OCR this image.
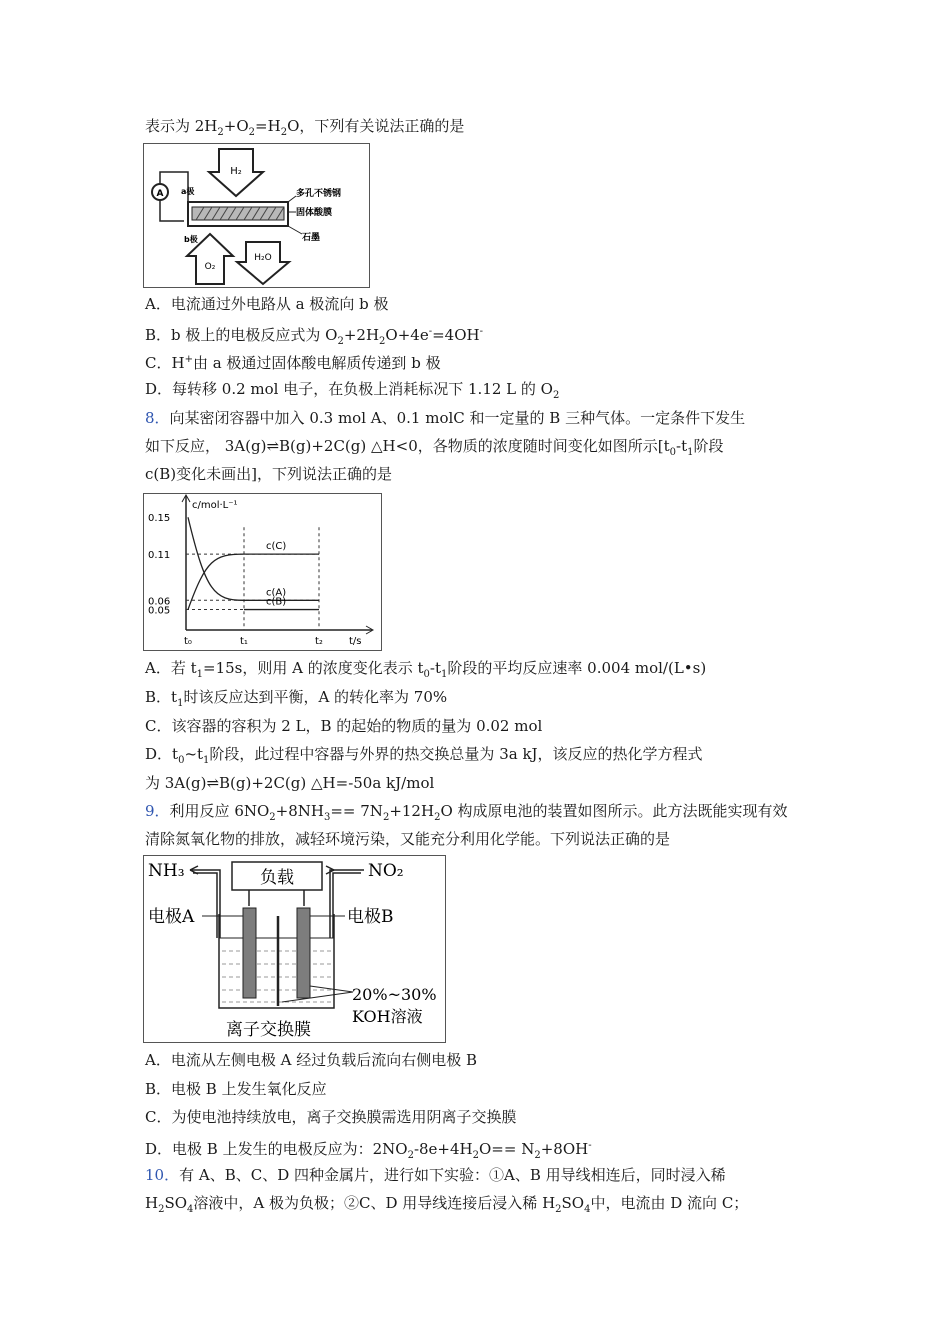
表示为 $2H_2+O_2=H_2O$，下列有关说法正确的是
H₂
A a极	多孔不锈钢
固体酸膜
石墨
b极
O₂
H₂O
A．电流通过外电路从 a 极流向 b 极
B．b 极上的电极反应式为 $O_2+2H_2O+4e^-=4OH^-$
C．H+由 a 极通过固体酸电解质传递到 b 极
D．每转移 0.2 mol 电子，在负极上消耗标况下 1.12 L 的 $O_2$
8．向某密闭容器中加入 0.3 mol A、0.1 molC 和一定量的 B 三种气体。一定条件下发生
如下反应， 3A(g)⇌B(g)+2C(g) △H<0，各物质的浓度随时间变化如图所示[$t_0-t_1$阶段
c(B)变化未画出]，下列说法正确的是
c/mol·L⁻¹
t/s
0.15
0.11
0.06
0.05
t₀	t₁	t₂
c(C)
c(A)
c(B)
A．若 $t_1=15s$，则用 A 的浓度变化表示 $t_0-t_1$阶段的平均反应速率 0.004 mol/(L•s)
B．$t_1$时该反应达到平衡，A 的转化率为 70%
C．该容器的容积为 2 L，B 的起始的物质的量为 0.02 mol
D．$t_0\sim t_1$阶段，此过程中容器与外界的热交换总量为 3a kJ，该反应的热化学方程式
为 3A(g)⇌B(g)+2C(g) △H=-50a kJ/mol
9．利用反应 $6NO_2+8NH_3== 7N_2+12H_2O$ 构成原电池的装置如图所示。此方法既能实现有效
清除氮氧化物的排放，减轻环境污染，又能充分利用化学能。下列说法正确的是
NH₃	NO₂
负载
电极A	电极B
20%~30%
KOH溶液
离子交换膜
A．电流从左侧电极 A 经过负载后流向右侧电极 B
B．电极 B 上发生氧化反应
C．为使电池持续放电，离子交换膜需选用阴离子交换膜
D．电极 B 上发生的电极反应为：$2NO_2-8e+4H_2O== N_2+8OH^-$
10．有 A、B、C、D 四种金属片，进行如下实验：①A、B 用导线相连后，同时浸入稀
$H_2SO_4$溶液中，A 极为负极；②C、D 用导线连接后浸入稀 $H_2SO_4$中，电流由 D 流向 C；
